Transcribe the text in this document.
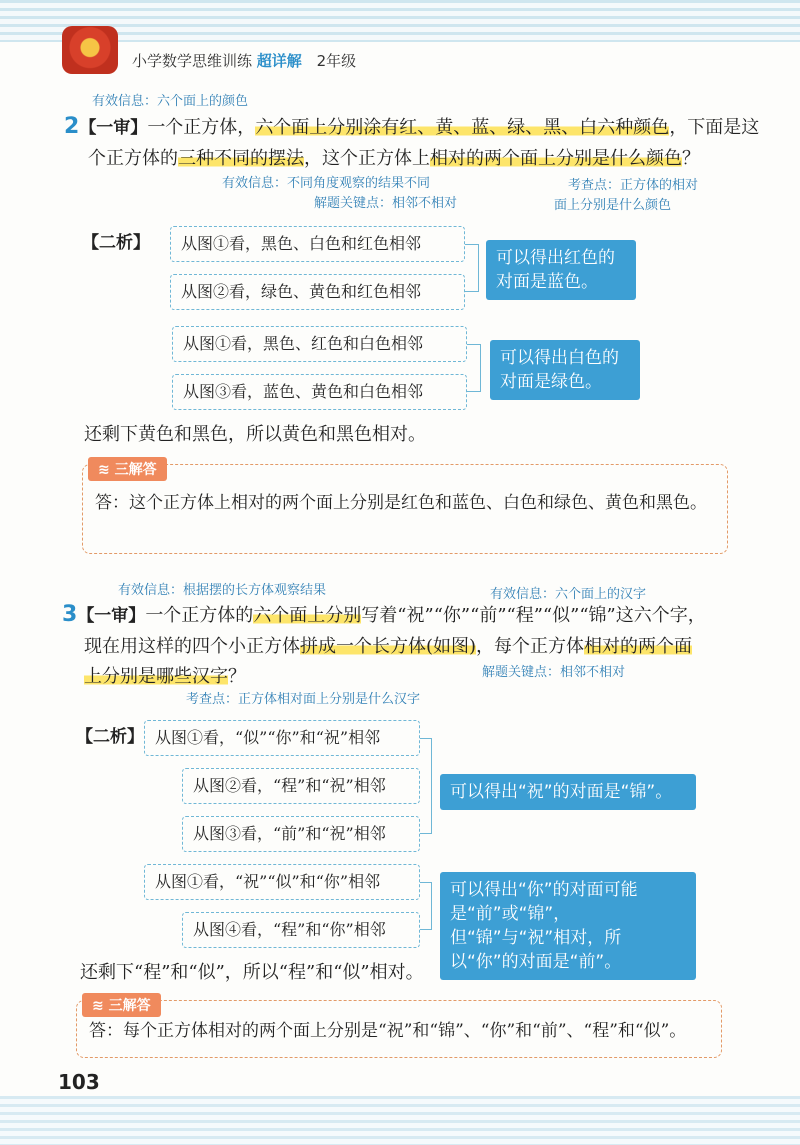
小学数学思维训练 超详解 2年级
有效信息：六个面上的颜色
2【一审】一个正方体，六个面上分别涂有红、黄、蓝、绿、黑、白六种颜色，下面是这
个正方体的三种不同的摆法，这个正方体上相对的两个面上分别是什么颜色？
有效信息：不同角度观察的结果不同
解题关键点：相邻不相对
考查点：正方体的相对
面上分别是什么颜色
【二析】	从图①看，黑色、白色和红色相邻
从图②看，绿色、黄色和红色相邻
可以得出红色的对面是蓝色。
从图①看，黑色、红色和白色相邻
从图③看，蓝色、黄色和白色相邻
可以得出白色的对面是绿色。
还剩下黄色和黑色，所以黄色和黑色相对。
答：这个正方体上相对的两个面上分别是红色和蓝色、白色和绿色、黄色和黑色。
≋ 三解答
有效信息：根据摆的长方体观察结果	有效信息：六个面上的汉字
3【一审】一个正方体的六个面上分别写着“祝”“你”“前”“程”“似”“锦”这六个字，
现在用这样的四个小正方体拼成一个长方体(如图)，每个正方体相对的两个面
上分别是哪些汉字？	解题关键点：相邻不相对
考查点：正方体相对面上分别是什么汉字
【二析】 从图①看，“似”“你”和“祝”相邻
从图②看，“程”和“祝”相邻
从图③看，“前”和“祝”相邻
可以得出“祝”的对面是“锦”。
从图①看，“祝”“似”和“你”相邻
从图④看，“程”和“你”相邻
可以得出“你”的对面可能是“前”或“锦”，但“锦”与“祝”相对，所以“你”的对面是“前”。
还剩下“程”和“似”，所以“程”和“似”相对。
答：每个正方体相对的两个面上分别是“祝”和“锦”、“你”和“前”、“程”和“似”。
≋ 三解答
103
